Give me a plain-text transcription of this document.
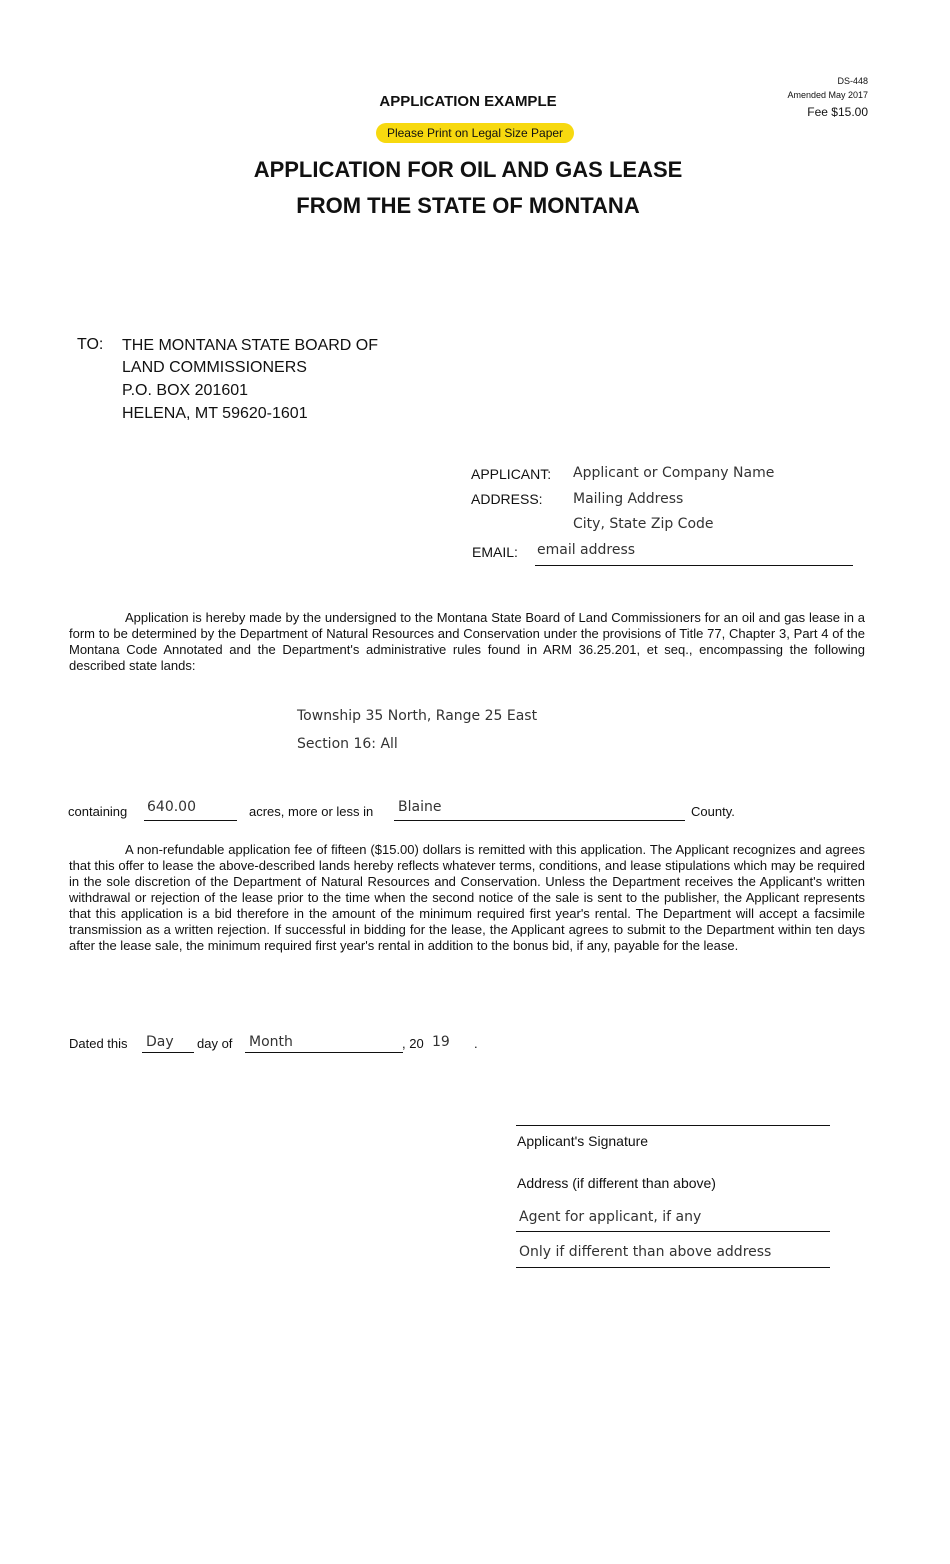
DS-448
Amended May 2017
Fee $15.00
APPLICATION EXAMPLE
Please Print on Legal Size Paper
APPLICATION FOR OIL AND GAS LEASE
FROM THE STATE OF MONTANA
TO: THE MONTANA STATE BOARD OF
LAND COMMISSIONERS
P.O. BOX 201601
HELENA, MT 59620-1601
APPLICANT: Applicant or Company Name
ADDRESS: Mailing Address
City, State Zip Code
EMAIL: email address
Application is hereby made by the undersigned to the Montana State Board of Land Commissioners for an oil and gas lease in a form to be determined by the Department of Natural Resources and Conservation under the provisions of Title 77, Chapter 3, Part 4 of the Montana Code Annotated and the Department's administrative rules found in ARM 36.25.201, et seq., encompassing the following described state lands:
Township 35 North, Range 25 East
Section 16: All
containing 640.00	acres, more or less in Blaine	County.
A non-refundable application fee of fifteen ($15.00) dollars is remitted with this application. The Applicant recognizes and agrees that this offer to lease the above-described lands hereby reflects whatever terms, conditions, and lease stipulations which may be required in the sole discretion of the Department of Natural Resources and Conservation. Unless the Department receives the Applicant's written withdrawal or rejection of the lease prior to the time when the second notice of the sale is sent to the publisher, the Applicant represents that this application is a bid therefore in the amount of the minimum required first year's rental. The Department will accept a facsimile transmission as a written rejection. If successful in bidding for the lease, the Applicant agrees to submit to the Department within ten days after the lease sale, the minimum required first year's rental in addition to the bonus bid, if any, payable for the lease.
Dated this Day day of Month	, 20 19 .
Applicant's Signature
Address (if different than above)
Agent for applicant, if any
Only if different than above address
